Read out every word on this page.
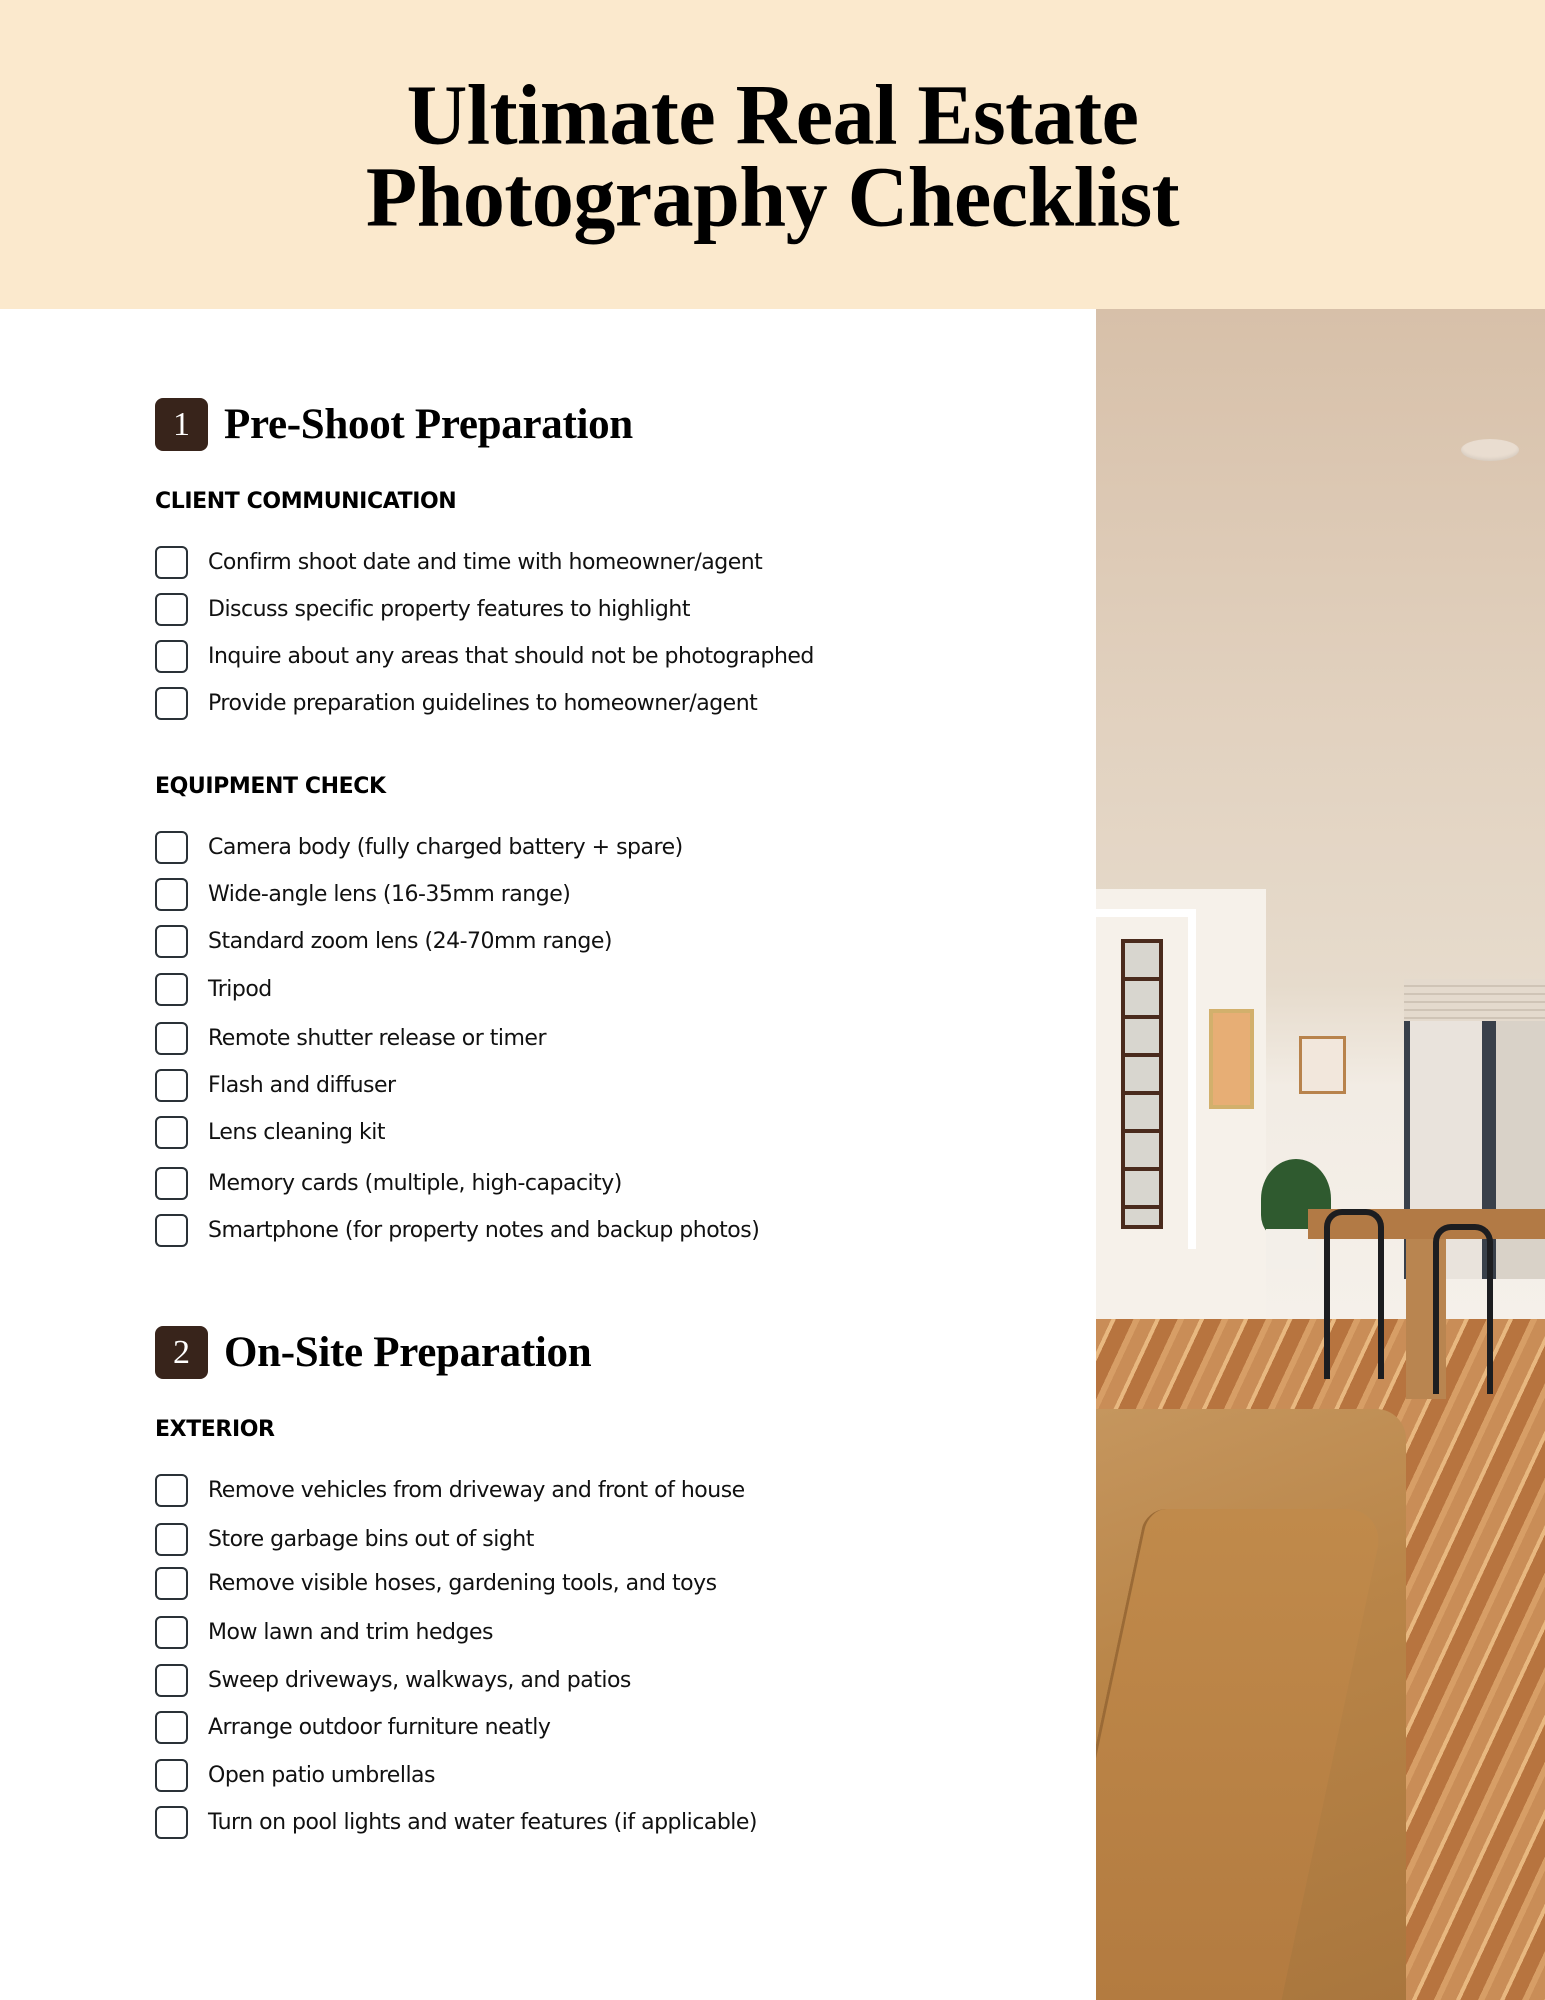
Ultimate Real Estate
Photography Checklist
1 Pre-Shoot Preparation
CLIENT COMMUNICATION
Confirm shoot date and time with homeowner/agent
Discuss specific property features to highlight
Inquire about any areas that should not be photographed
Provide preparation guidelines to homeowner/agent
EQUIPMENT CHECK
Camera body (fully charged battery + spare)
Wide-angle lens (16-35mm range)
Standard zoom lens (24-70mm range)
Tripod
Remote shutter release or timer
Flash and diffuser
Lens cleaning kit
Memory cards (multiple, high-capacity)
Smartphone (for property notes and backup photos)
2 On-Site Preparation
EXTERIOR
Remove vehicles from driveway and front of house
Store garbage bins out of sight
Remove visible hoses, gardening tools, and toys
Mow lawn and trim hedges
Sweep driveways, walkways, and patios
Arrange outdoor furniture neatly
Open patio umbrellas
Turn on pool lights and water features (if applicable)
